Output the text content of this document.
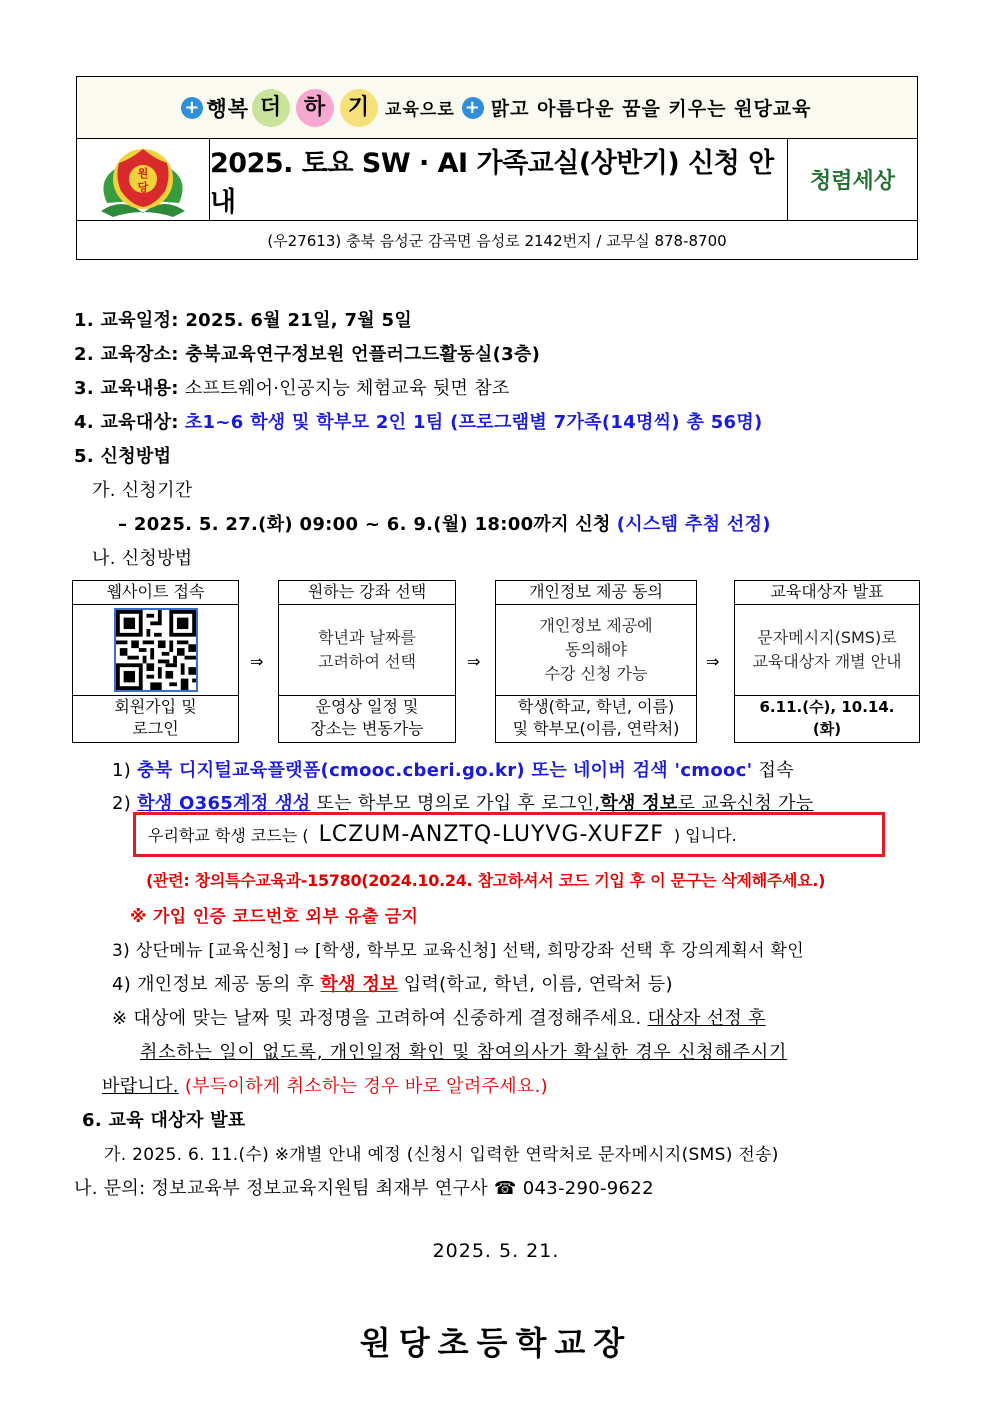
+ 행복 더 하 기 교육으로 + 맑고 아름다운 꿈을 키우는 원당교육
원
당
2025. 토요 SW · AI 가족교실(상반기) 신청 안내
청렴세상
(우27613) 충북 음성군 감곡면 음성로 2142번지 / 교무실 878-8700
1. 교육일정: 2025. 6월 21일, 7월 5일
2. 교육장소: 충북교육연구정보원 언플러그드활동실(3층)
3. 교육내용: 소프트웨어·인공지능 체험교육 뒷면 참조
4. 교육대상: 초1~6 학생 및 학부모 2인 1팀 (프로그램별 7가족(14명씩) 총 56명)
5. 신청방법
가. 신청기간
– 2025. 5. 27.(화) 09:00 ~ 6. 9.(월) 18:00까지 신청 (시스템 추첨 선정)
나. 신청방법
웹사이트 접속
회원가입 및
로그인
⇒
원하는 강좌 선택
학년과 날짜를
고려하여 선택
운영상 일정 및
장소는 변동가능
⇒
개인정보 제공 동의
개인정보 제공에
동의해야
수강 신청 가능
학생(학교, 학년, 이름)
및 학부모(이름, 연락처)
⇒
교육대상자 발표
문자메시지(SMS)로
교육대상자 개별 안내
6.11.(수), 10.14.
(화)
1) 충북 디지털교육플랫폼(cmooc.cberi.go.kr) 또는 네이버 검색 'cmooc' 접속
2) 학생 O365계정 생성 또는 학부모 명의로 가입 후 로그인,학생 정보로 교육신청 가능
우리학교 학생 코드는 ( LCZUM-ANZTQ-LUYVG-XUFZF ) 입니다.
(관련: 창의특수교육과-15780(2024.10.24. 참고하셔서 코드 기입 후 이 문구는 삭제해주세요.)
※ 가입 인증 코드번호 외부 유출 금지
3) 상단메뉴 [교육신청] ⇨ [학생, 학부모 교육신청] 선택, 희망강좌 선택 후 강의계획서 확인
4) 개인정보 제공 동의 후 학생 정보 입력(학교, 학년, 이름, 연락처 등)
※ 대상에 맞는 날짜 및 과정명을 고려하여 신중하게 결정해주세요. 대상자 선정 후
취소하는 일이 없도록, 개인일정 확인 및 참여의사가 확실한 경우 신청해주시기
바랍니다. (부득이하게 취소하는 경우 바로 알려주세요.)
6. 교육 대상자 발표
가. 2025. 6. 11.(수) ※개별 안내 예정 (신청시 입력한 연락처로 문자메시지(SMS) 전송)
나. 문의: 정보교육부 정보교육지원팀 최재부 연구사 ☎ 043-290-9622
2025. 5. 21.
원당초등학교장
